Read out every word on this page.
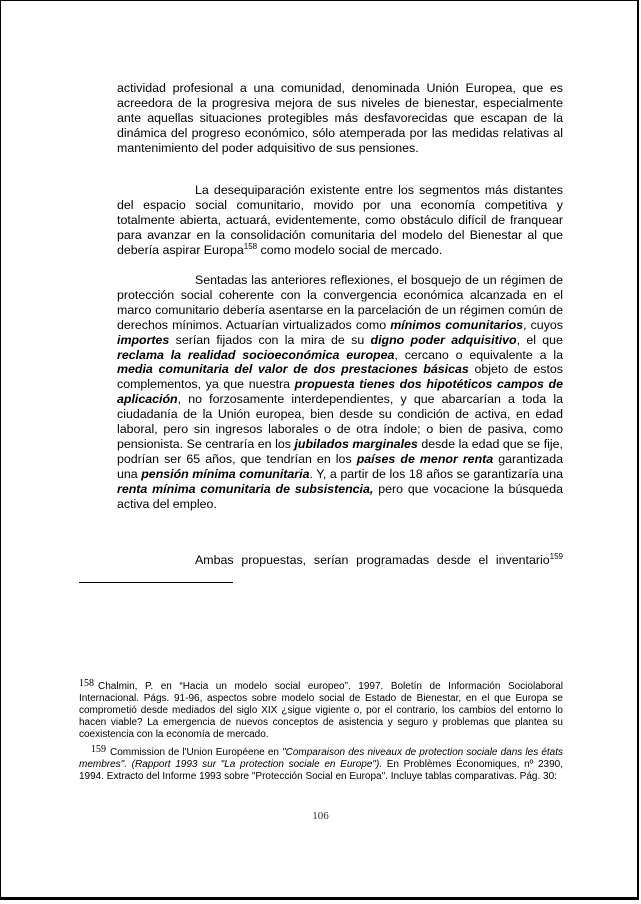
actividad profesional a una comunidad, denominada Unión Europea, que es acreedora de la progresiva mejora de sus niveles de bienestar, especialmente ante aquellas situaciones protegibles más desfavorecidas que escapan de la dinámica del progreso económico, sólo atemperada por las medidas relativas al mantenimiento del poder adquisitivo de sus pensiones.

La desequiparación existente entre los segmentos más distantes del espacio social comunitario, movido por una economía competitiva y totalmente abierta, actuará, evidentemente, como obstáculo difícil de franquear para avanzar en la consolidación comunitaria del modelo del Bienestar al que debería aspirar Europa$^{158}$ como modelo social de mercado.

Sentadas las anteriores reflexiones, el bosquejo de un régimen de protección social coherente con la convergencia económica alcanzada en el marco comunitario debería asentarse en la parcelación de un régimen común de derechos mínimos. Actuarían virtualizados como mínimos comunitarios, cuyos importes serían fijados con la mira de su digno poder adquisitivo, el que reclama la realidad socioeconómica europea, cercano o equivalente a la media comunitaria del valor de dos prestaciones básicas objeto de estos complementos, ya que nuestra propuesta tienes dos hipotéticos campos de aplicación, no forzosamente interdependientes, y que abarcarían a toda la ciudadanía de la Unión europea, bien desde su condición de activa, en edad laboral, pero sin ingresos laborales o de otra índole; o bien de pasiva, como pensionista. Se centraría en los jubilados marginales desde la edad que se fije, podrían ser 65 años, que tendrían en los países de menor renta garantizada una pensión mínima comunitaria. Y, a partir de los 18 años se garantizaría una renta mínima comunitaria de subsistencia, pero que vocacione la búsqueda activa del empleo.

Ambas propuestas, serían programadas desde el inventario$^{159}$

158 Chalmin, P. en “Hacia un modelo social europeo”. 1997. Boletín de Información Sociolaboral Internacional. Págs. 91-96, aspectos sobre modelo social de Estado de Bienestar, en el que Europa se comprometió desde mediados del siglo XIX ¿sigue vigiente o, por el contrario, los cambios del entorno lo hacen viable? La emergencia de nuevos conceptos de asistencia y seguro y problemas que plantea su coexistencia con la economía de mercado.

159 Commission de l'Union Européene en "Comparaison des niveaux de protection sociale dans les états membres". (Rapport 1993 sur "La protection sociale en Europe"). En Problèmes Économiques, nº 2390, 1994. Extracto del Informe 1993 sobre "Protección Social en Europa". Incluye tablas comparativas. Pág. 30:

106
